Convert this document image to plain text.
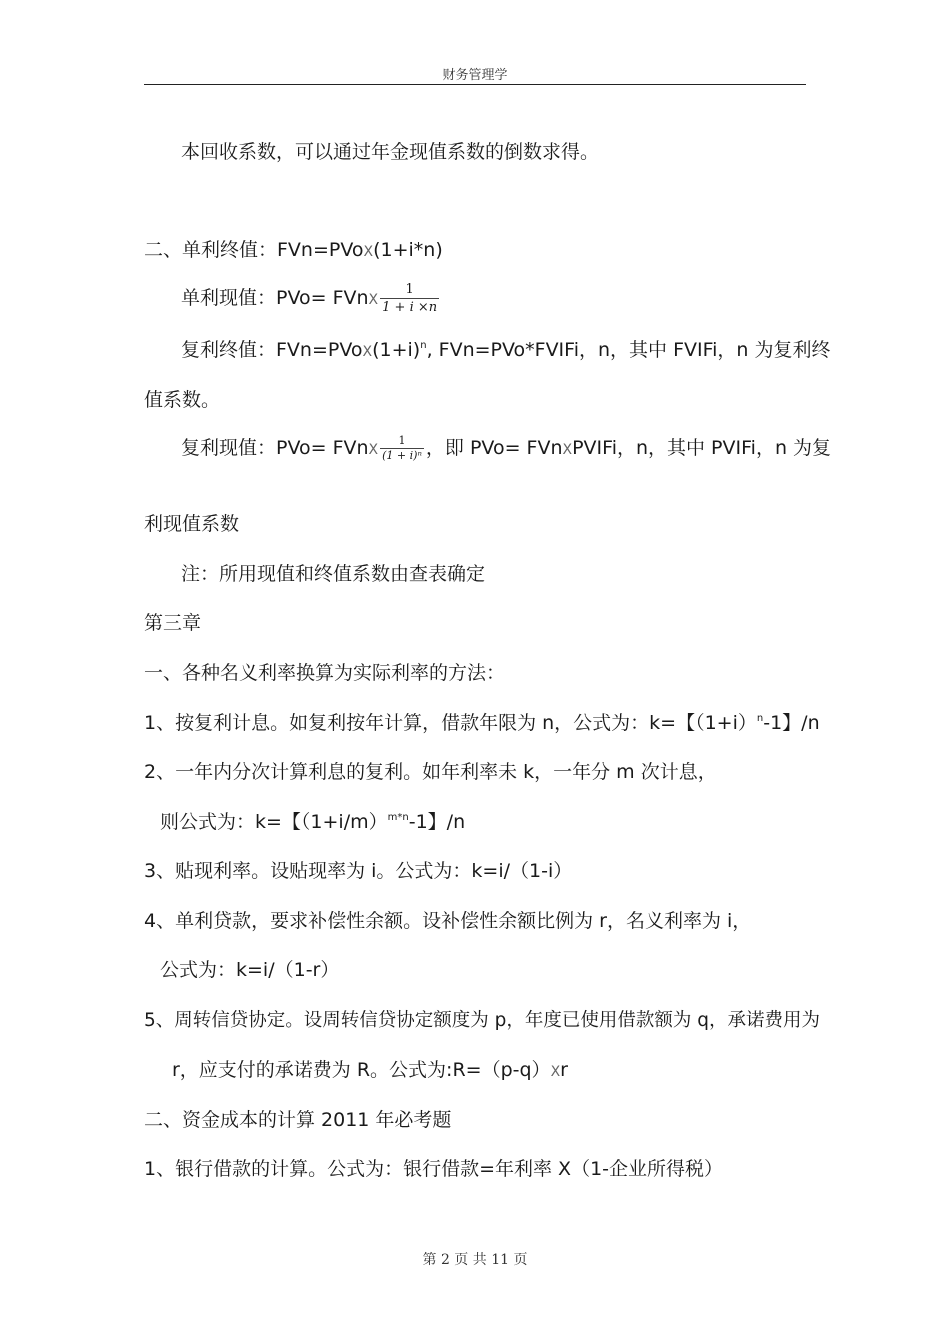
财务管理学
本回收系数，可以通过年金现值系数的倒数求得。
二、单利终值：FVn=PVoX(1+i*n)
单利现值：PVo= FVnX $\frac{1}{1 + i \times n}$
复利终值：$FVn=PVoX(1+i)^n$, FVn=PVo*FVIFi，n，其中 FVIFi，n 为复利终
值系数。
复利现值：PVo= FVnX $\frac{1}{\text{(1 + i)ⁿ}}$ ，即 PVo= FVnXPVIFi，n，其中 PVIFi，n 为复
利现值系数
注：所用现值和终值系数由查表确定
第三章
一、各种名义利率换算为实际利率的方法：
1、按复利计息。如复利按年计算，借款年限为 n，公式为：k=【$(1+i)^n-1$】/n
2、一年内分次计算利息的复利。如年利率未 k，一年分 m 次计息，
则公式为：k=【$(1+i/m)^{m*n}-1$】/n
3、贴现利率。设贴现率为 i。公式为：k=i/（1-i）
4、单利贷款，要求补偿性余额。设补偿性余额比例为 r，名义利率为 i，
公式为：k=i/（1-r）
5、周转信贷协定。设周转信贷协定额度为 p，年度已使用借款额为 q，承诺费用为
r，应支付的承诺费为 R。公式为:R=（p-q）Xr
二、资金成本的计算 2011 年必考题
1、银行借款的计算。公式为：银行借款=年利率 X（1-企业所得税）
第 2 页 共 11 页
